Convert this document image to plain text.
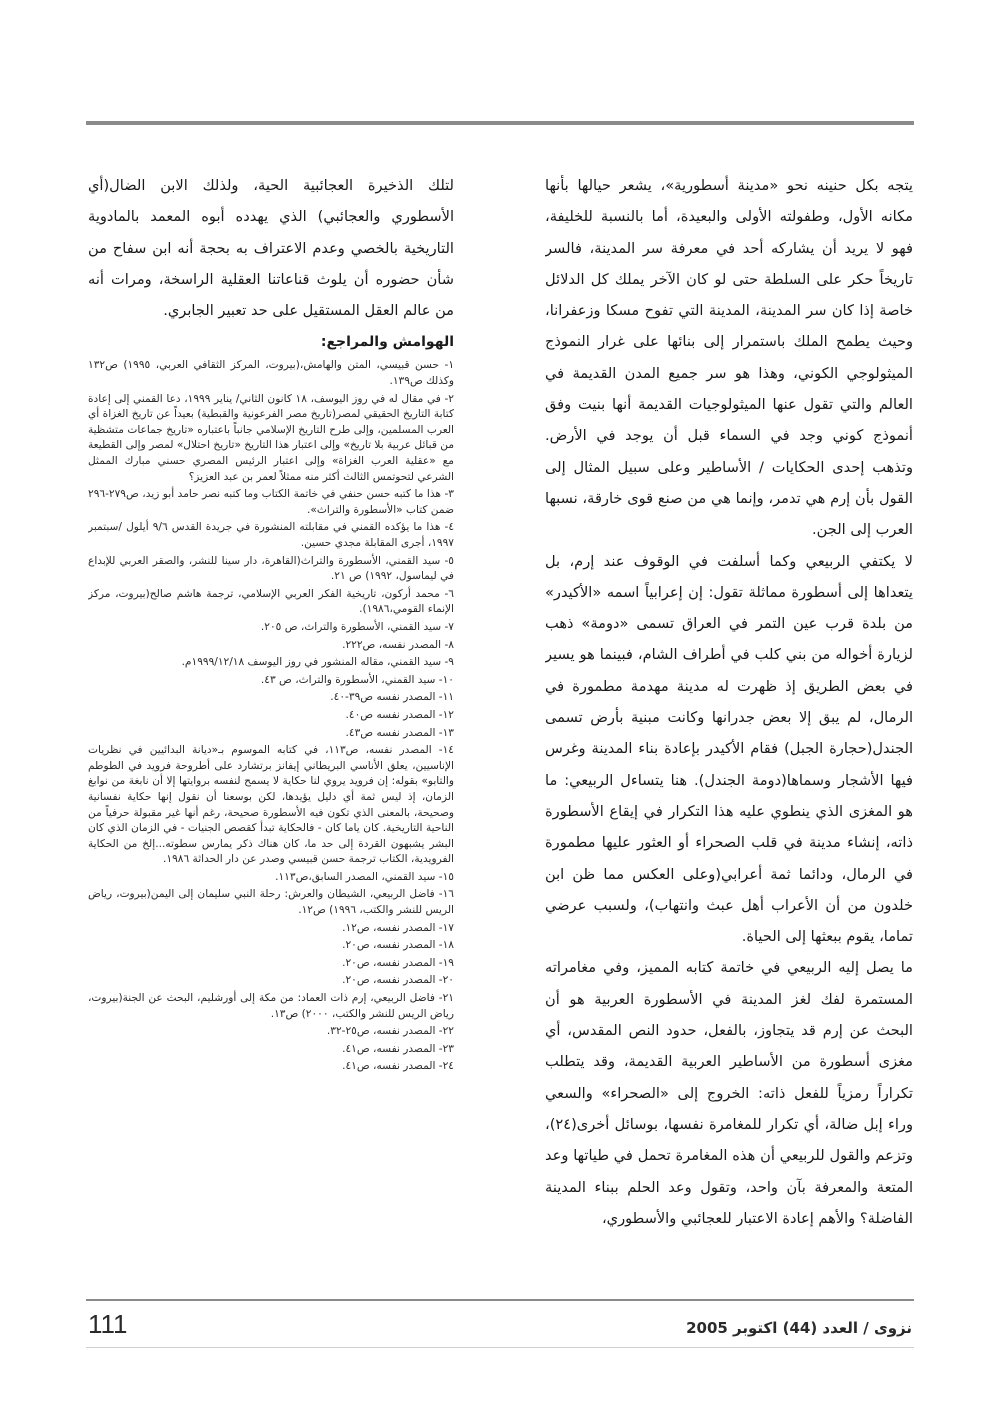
يتجه بكل حنينه نحو «مدينة أسطورية»، يشعر حيالها بأنها مكانه الأول، وطفولته الأولى والبعيدة، أما بالنسبة للخليفة، فهو لا يريد أن يشاركه أحد في معرفة سر المدينة، فالسر تاريخاً حكر على السلطة حتى لو كان الآخر يملك كل الدلائل خاصة إذا كان سر المدينة، المدينة التي تفوح مسكا وزعفرانا، وحيث يطمح الملك باستمرار إلى بنائها على غرار النموذج الميثولوجي الكوني، وهذا هو سر جميع المدن القديمة في العالم والتي تقول عنها الميثولوجيات القديمة أنها بنيت وفق أنموذج كوني وجد في السماء قبل أن يوجد في الأرض. وتذهب إحدى الحكايات / الأساطير وعلى سبيل المثال إلى القول بأن إرم هي تدمر، وإنما هي من صنع قوى خارقة، نسبها العرب إلى الجن.

لا يكتفي الربيعي وكما أسلفت في الوقوف عند إرم، بل يتعداها إلى أسطورة مماثلة تقول: إن إعرابياً اسمه «الأكيدر» من بلدة قرب عين التمر في العراق تسمى «دومة» ذهب لزيارة أخواله من بني كلب في أطراف الشام، فبينما هو يسير في بعض الطريق إذ ظهرت له مدينة مهدمة مطمورة في الرمال، لم يبق إلا بعض جدرانها وكانت مبنية بأرض تسمى الجندل(حجارة الجبل) فقام الأكيدر بإعادة بناء المدينة وغرس فيها الأشجار وسماها(دومة الجندل). هنا يتساءل الربيعي: ما هو المغزى الذي ينطوي عليه هذا التكرار في إيقاع الأسطورة ذاته، إنشاء مدينة في قلب الصحراء أو العثور عليها مطمورة في الرمال، ودائما ثمة أعرابي(وعلى العكس مما ظن ابن خلدون من أن الأعراب أهل عبث وانتهاب)، ولسبب عرضي تماما، يقوم ببعثها إلى الحياة.

ما يصل إليه الربيعي في خاتمة كتابه المميز، وفي مغامراته المستمرة لفك لغز المدينة في الأسطورة العربية هو أن البحث عن إرم قد يتجاوز، بالفعل، حدود النص المقدس، أي مغزى أسطورة من الأساطير العربية القديمة، وقد يتطلب تكراراً رمزياً للفعل ذاته: الخروج إلى «الصحراء» والسعي وراء إبل ضالة، أي تكرار للمغامرة نفسها، بوسائل أخرى(٢٤)، وتزعم والقول للربيعي أن هذه المغامرة تحمل في طياتها وعد المتعة والمعرفة بآن واحد، وتقول وعد الحلم ببناء المدينة الفاضلة؟ والأهم إعادة الاعتبار للعجائبي والأسطوري،

لتلك الذخيرة العجائبية الحية، ولذلك الابن الضال(أي الأسطوري والعجائبي) الذي يهدده أبوه المعمد بالمادوية التاريخية بالخصي وعدم الاعتراف به بحجة أنه ابن سفاح من شأن حضوره أن يلوث قناعاتنا العقلية الراسخة، ومرات أنه من عالم العقل المستقيل على حد تعبير الجابري.

الهوامش والمراجع:
١- حسن قبيسي، المتن والهامش،(بيروت، المركز الثقافي العربي، ١٩٩٥) ص١٣٢ وكذلك ص١٣٩.
٢- في مقال له في روز اليوسف، ١٨ كانون الثاني/ يناير ١٩٩٩، دعا القمني إلى إعادة كتابة التاريخ الحقيقي لمصر(تاريخ مصر الفرعونية والقبطية) بعيداً عن تاريخ الغزاة أي العرب المسلمين، وإلى طرح التاريخ الإسلامي جانباً باعتباره «تاريخ جماعات متشظية من قبائل عربية بلا تاريخ» وإلى اعتبار هذا التاريخ «تاريخ احتلال» لمصر وإلى القطيعة مع «عقلية العرب الغزاة» وإلى اعتبار الرئيس المصري حسني مبارك الممثل الشرعي لتحوتمس الثالث أكثر منه ممثلاً لعمر بن عبد العزيز؟
٣- هذا ما كتبه حسن حنفي في خاتمة الكتاب وما كتبه نصر حامد أبو زيد، ص٢٧٩-٢٩٦ ضمن كتاب «الأسطورة والتراث».
٤- هذا ما يؤكده القمني في مقابلته المنشورة في جريدة القدس ٩/٦ أيلول /سبتمبر ١٩٩٧، أجرى المقابلة مجدي حسين.
٥- سيد القمني، الأسطورة والتراث(القاهرة، دار سينا للنشر، والصقر العربي للإبداع في ليماسول، ١٩٩٢) ص ٢١.
٦- محمد أركون، تاريخية الفكر العربي الإسلامي، ترجمة هاشم صالح(بيروت، مركز الإنماء القومي،١٩٨٦).
٧- سيد القمني، الأسطورة والتراث، ص ٢٠٥.
٨- المصدر نفسه، ص٢٢٢.
٩- سيد القمني، مقاله المنشور في روز اليوسف ١٩٩٩/١٢/١٨م.
١٠- سيد القمني، الأسطورة والتراث، ص ٤٣.
١١- المصدر نفسه ص٣٩-٤٠.
١٢- المصدر نفسه ص٤٠.
١٣- المصدر نفسه ص٤٣.
١٤- المصدر نفسه، ص١١٣، في كتابه الموسوم بـ«ديانة البدائيين في نظريات الإناسيين، يعلق الأناسي البريطاني إيفانز برتشارد على أطروحة فرويد في الطوطم والتابو» بقوله: إن فرويد يروي لنا حكاية لا يسمح لنفسه بروايتها إلا أن نابغة من نوابغ الزمان، إذ ليس ثمة أي دليل يؤيدها، لكن بوسعنا أن نقول إنها حكاية نفسانية وصحيحة، بالمعنى الذي تكون فيه الأسطورة صحيحة، رغم أنها غير مقبولة حرفياً من الناحية التاريخية. كان ياما كان - فالحكاية تبدأ كقصص الجنيات - في الزمان الذي كان البشر يشبهون القردة إلى حد ما، كان هناك ذكر يمارس سطوته...إلخ من الحكاية الفرويدية، الكتاب ترجمة حسن قبيسي وصدر عن دار الحداثة ١٩٨٦.
١٥- سيد القمني، المصدر السابق،ص١١٣.
١٦- فاضل الربيعي، الشيطان والعرش: رحلة النبي سليمان إلى اليمن(بيروت، رياض الريس للنشر والكتب، ١٩٩٦) ص١٢.
١٧- المصدر نفسه، ص١٢.
١٨- المصدر نفسه، ص٢٠.
١٩- المصدر نفسه، ص٢٠.
٢٠- المصدر نفسه، ص٢٠.
٢١- فاضل الربيعي، إرم ذات العماد: من مكة إلى أورشليم، البحث عن الجنة(بيروت، رياض الريس للنشر والكتب، ٢٠٠٠) ص١٣.
٢٢- المصدر نفسه، ص٢٥-٣٢.
٢٣- المصدر نفسه، ص٤١.
٢٤- المصدر نفسه، ص٤١.
111	نزوى / العدد (44) اكتوبر 2005
